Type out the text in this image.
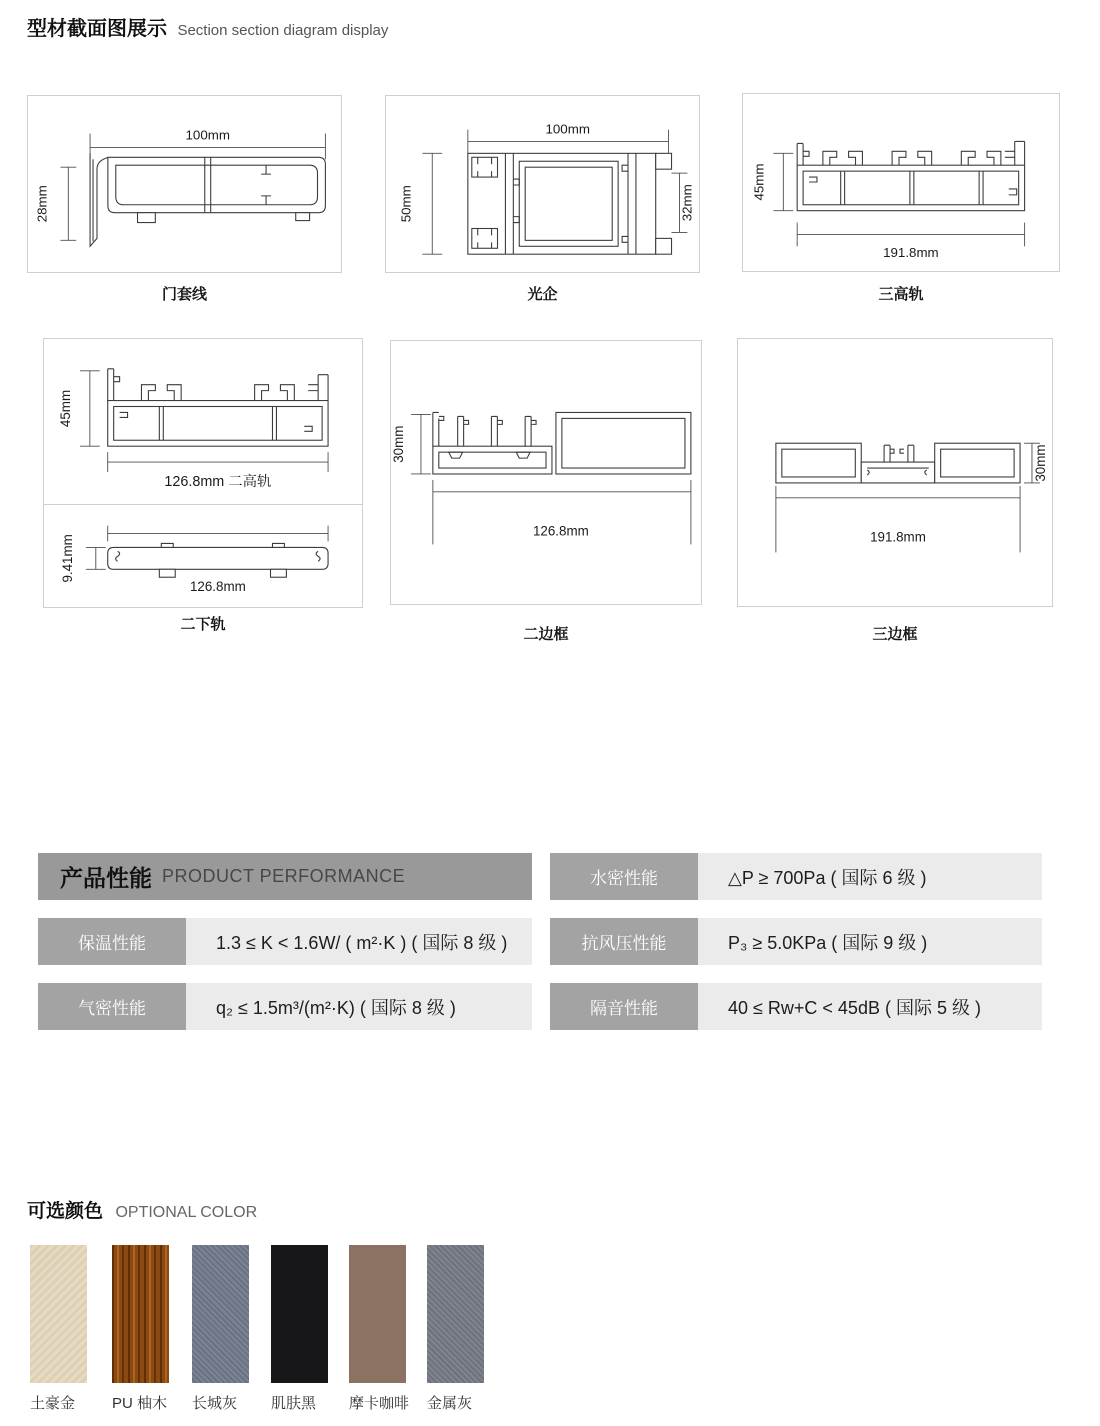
型材截面图展示 Section section diagram display
100mm
28mm
门套线
100mm
50mm	32mm
光企
45mm
191.8mm
三高轨
45mm
126.8mm 二高轨
9.41mm
126.8mm
二下轨
30mm
126.8mm
二边框
30mm
191.8mm
三边框
产品性能 PRODUCT PERFORMANCE	水密性能	△P ≥ 700Pa ( 国际 6 级 )
保温性能	1.3 ≤ K < 1.6W/ ( m²·K ) ( 国际 8 级 )	抗风压性能	P₃ ≥ 5.0KPa ( 国际 9 级 )
气密性能	q₂ ≤ 1.5m³/(m²·K) ( 国际 8 级 )	隔音性能	40 ≤ Rw+C < 45dB ( 国际 5 级 )
可选颜色 OPTIONAL COLOR
土豪金 PU 柚木 长城灰 肌肤黑 摩卡咖啡 金属灰
